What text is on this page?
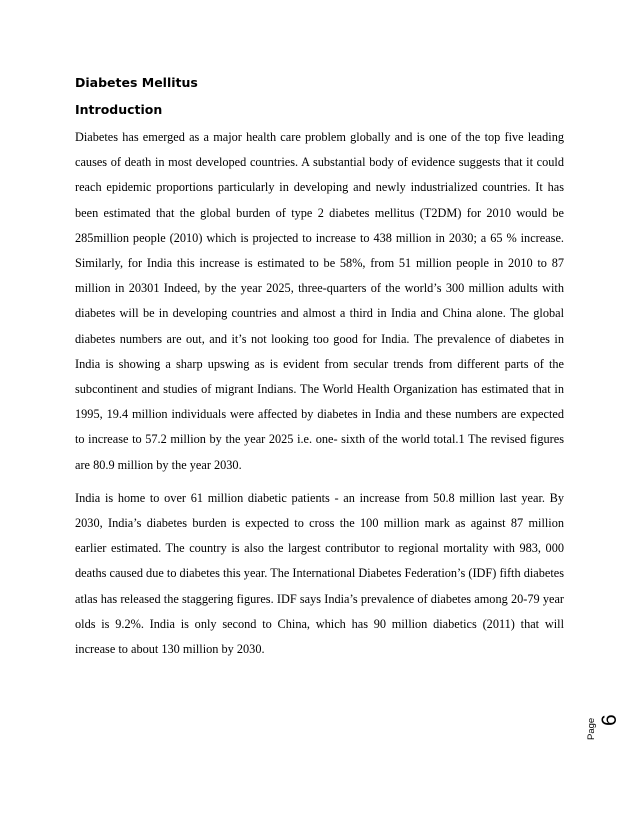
Diabetes Mellitus
Introduction

Diabetes has emerged as a major health care problem globally and is one of the top five leading causes of death in most developed countries. A substantial body of evidence suggests that it could reach epidemic proportions particularly in developing and newly industrialized countries. It has been estimated that the global burden of type 2 diabetes mellitus (T2DM) for 2010 would be 285million people (2010) which is projected to increase to 438 million in 2030; a 65 % increase. Similarly, for India this increase is estimated to be 58%, from 51 million people in 2010 to 87 million in 20301 Indeed, by the year 2025, three-quarters of the world’s 300 million adults with diabetes will be in developing countries and almost a third in India and China alone. The global diabetes numbers are out, and it’s not looking too good for India. The prevalence of diabetes in India is showing a sharp upswing as is evident from secular trends from different parts of the subcontinent and studies of migrant Indians. The World Health Organization has estimated that in 1995, 19.4 million individuals were affected by diabetes in India and these numbers are expected to increase to 57.2 million by the year 2025 i.e. one- sixth of the world total.1 The revised figures are 80.9 million by the year 2030.

India is home to over 61 million diabetic patients - an increase from 50.8 million last year. By 2030, India’s diabetes burden is expected to cross the 100 million mark as against 87 million earlier estimated. The country is also the largest contributor to regional mortality with 983, 000 deaths caused due to diabetes this year. The International Diabetes Federation’s (IDF) fifth diabetes atlas has released the staggering figures. IDF says India’s prevalence of diabetes among 20-79 year olds is 9.2%. India is only second to China, which has 90 million diabetics (2011) that will increase to about 130 million by 2030.

Page 6
